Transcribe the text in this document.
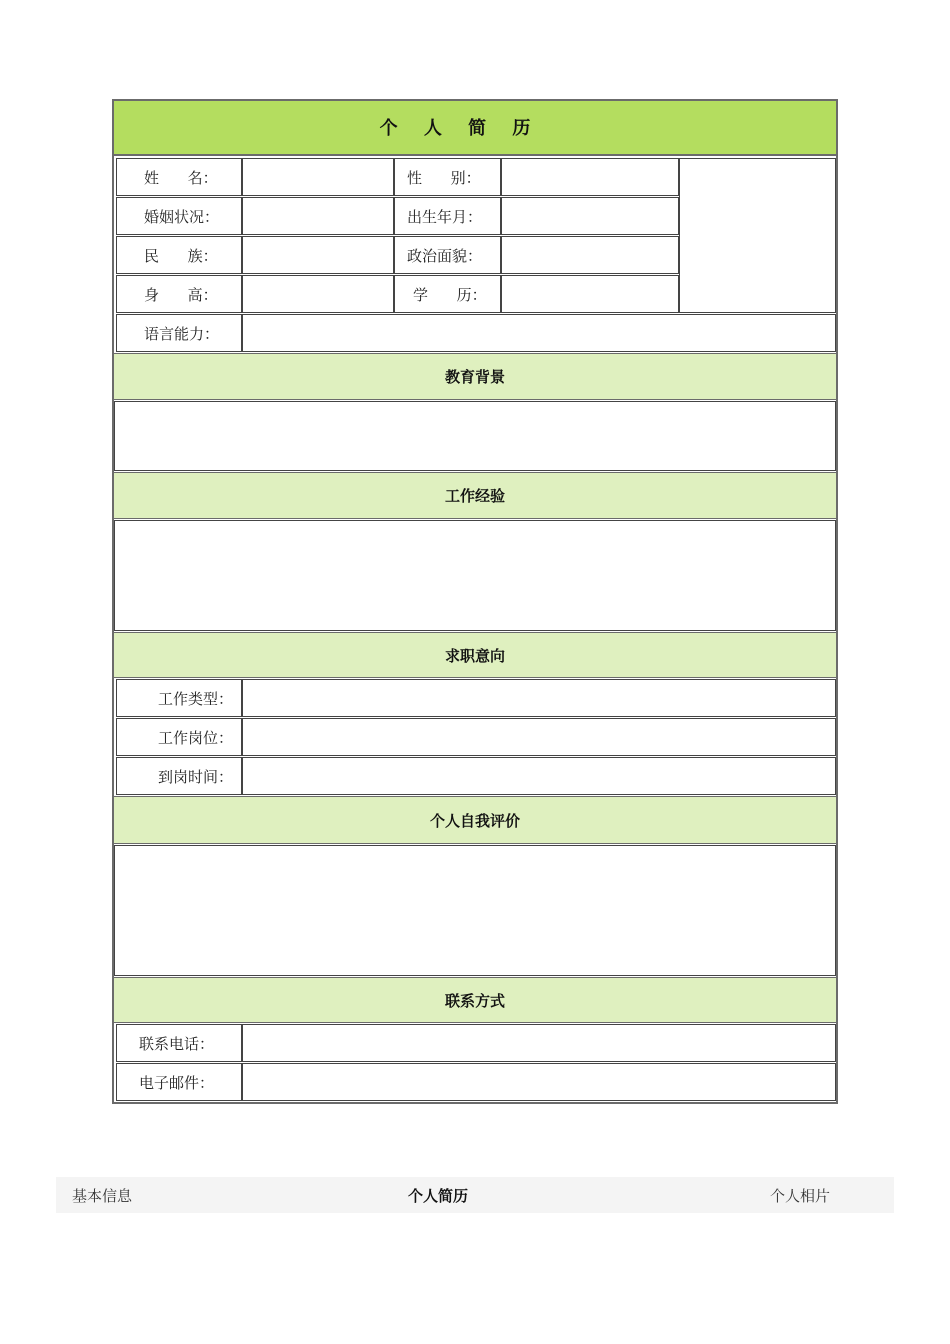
个 人 简 历
姓      名：	性      别：
婚姻状况：	出生年月：
民      族：	政治面貌：
身      高：	学      历：
语言能力：
教育背景
工作经验
求职意向
工作类型：
工作岗位：
到岗时间：
个人自我评价
联系方式
联系电话：
电子邮件：
基本信息	个人简历	个人相片
